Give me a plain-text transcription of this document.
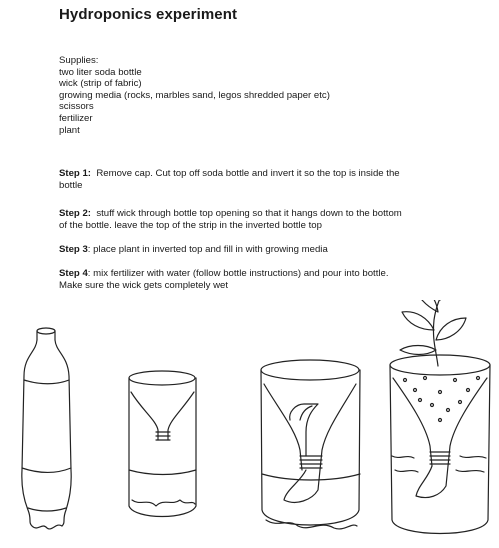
Hydroponics experiment
Supplies:
two liter soda bottle
wick (strip of fabric)
growing media (rocks, marbles sand, legos shredded paper etc)
scissors
fertilizer
plant
Step 1: Remove cap. Cut top off soda bottle and invert it so the top is inside the
bottle
Step 2: stuff wick through bottle top opening so that it hangs down to the bottom
of the bottle. leave the top of the strip in the inverted bottle top
Step 3: place plant in inverted top and fill in with growing media
Step 4: mix fertilizer with water (follow bottle instructions) and pour into bottle.
Make sure the wick gets completely wet
